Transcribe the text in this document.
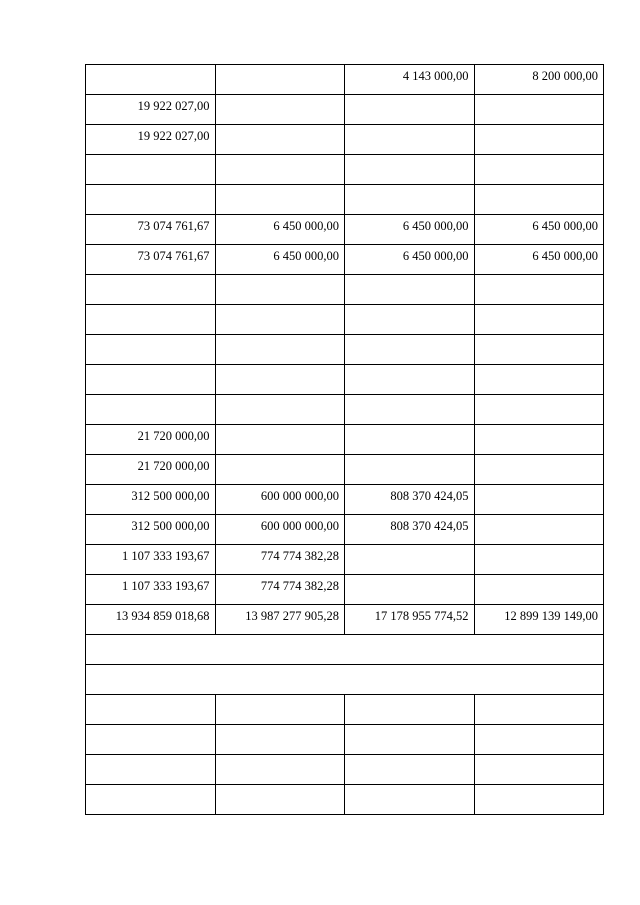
		4 143 000,00	8 200 000,00
19 922 027,00			
19 922 027,00			

73 074 761,67	6 450 000,00	6 450 000,00	6 450 000,00
73 074 761,67	6 450 000,00	6 450 000,00	6 450 000,00

21 720 000,00			
21 720 000,00			
312 500 000,00	600 000 000,00	808 370 424,05	
312 500 000,00	600 000 000,00	808 370 424,05	
1 107 333 193,67	774 774 382,28		
1 107 333 193,67	774 774 382,28		
13 934 859 018,68	13 987 277 905,28	17 178 955 774,52	12 899 139 149,00
